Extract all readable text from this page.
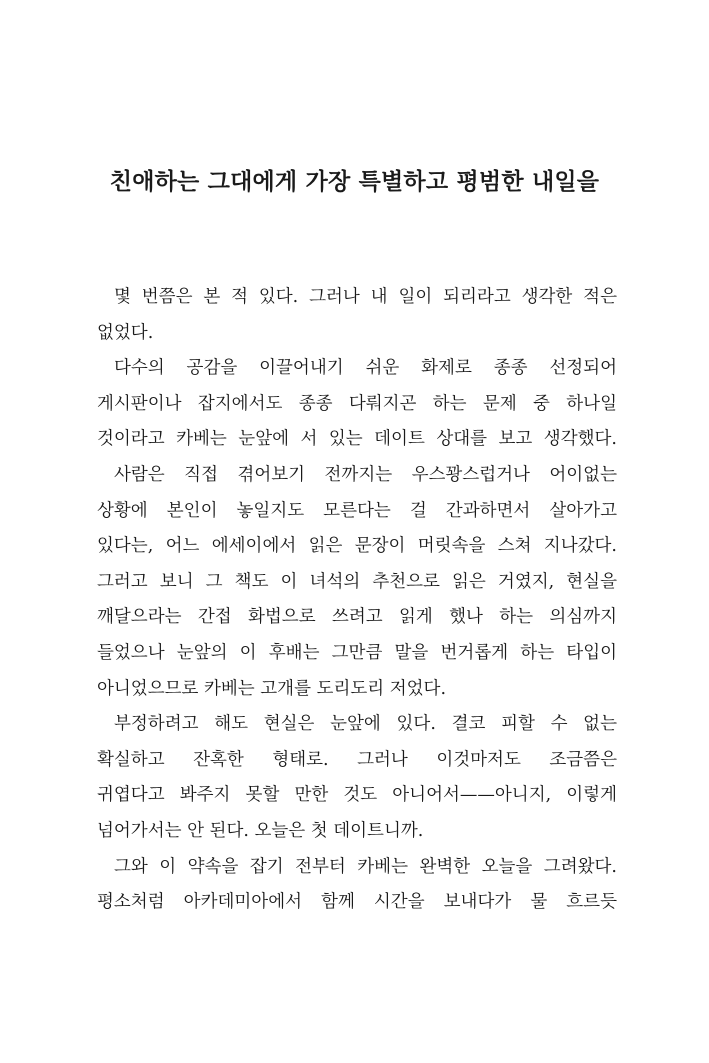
친애하는 그대에게 가장 특별하고 평범한 내일을
몇 번쯤은 본 적 있다. 그러나 내 일이 되리라고 생각한 적은
없었다.
다수의 공감을 이끌어내기 쉬운 화제로 종종 선정되어
게시판이나 잡지에서도 종종 다뤄지곤 하는 문제 중 하나일
것이라고 카베는 눈앞에 서 있는 데이트 상대를 보고 생각했다.
사람은 직접 겪어보기 전까지는 우스꽝스럽거나 어이없는
상황에 본인이 놓일지도 모른다는 걸 간과하면서 살아가고
있다는, 어느 에세이에서 읽은 문장이 머릿속을 스쳐 지나갔다.
그러고 보니 그 책도 이 녀석의 추천으로 읽은 거였지, 현실을
깨달으라는 간접 화법으로 쓰려고 읽게 했나 하는 의심까지
들었으나 눈앞의 이 후배는 그만큼 말을 번거롭게 하는 타입이
아니었으므로 카베는 고개를 도리도리 저었다.
부정하려고 해도 현실은 눈앞에 있다. 결코 피할 수 없는
확실하고 잔혹한 형태로. 그러나 이것마저도 조금쯤은
귀엽다고 봐주지 못할 만한 것도 아니어서——아니지, 이렇게
넘어가서는 안 된다. 오늘은 첫 데이트니까.
그와 이 약속을 잡기 전부터 카베는 완벽한 오늘을 그려왔다.
평소처럼 아카데미아에서 함께 시간을 보내다가 물 흐르듯
